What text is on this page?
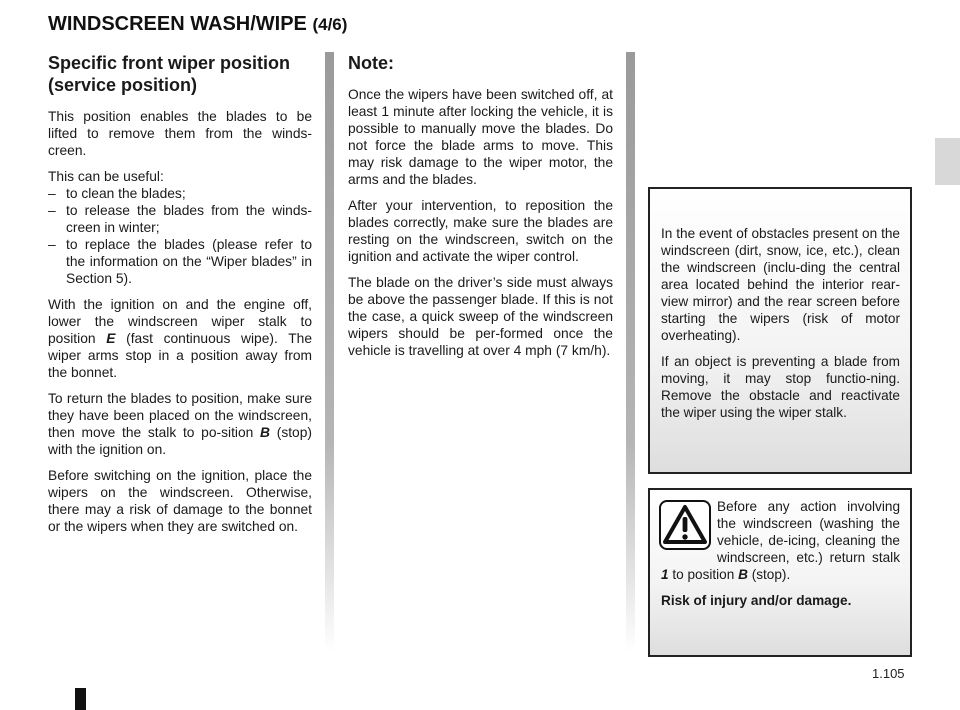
WINDSCREEN WASH/WIPE (4/6)
Specific front wiper position (service position)

This position enables the blades to be lifted to remove them from the winds-creen.

This can be useful:

– to clean the blades;
– to release the blades from the winds-creen in winter;
– to replace the blades (please refer to the information on the “Wiper blades” in Section 5).

With the ignition on and the engine off, lower the windscreen wiper stalk to position E (fast continuous wipe). The wiper arms stop in a position away from the bonnet.

To return the blades to position, make sure they have been placed on the windscreen, then move the stalk to po-sition B (stop) with the ignition on.

Before switching on the ignition, place the wipers on the windscreen. Otherwise, there may a risk of damage to the bonnet or the wipers when they are switched on.

Note:

Once the wipers have been switched off, at least 1 minute after locking the vehicle, it is possible to manually move the blades. Do not force the blade arms to move. This may risk damage to the wiper motor, the arms and the blades.

After your intervention, to reposition the blades correctly, make sure the blades are resting on the windscreen, switch on the ignition and activate the wiper control.

The blade on the driver’s side must always be above the passenger blade. If this is not the case, a quick sweep of the windscreen wipers should be per-formed once the vehicle is travelling at over 4 mph (7 km/h).

In the event of obstacles present on the windscreen (dirt, snow, ice, etc.), clean the windscreen (inclu-ding the central area located behind the interior rear-view mirror) and the rear screen before starting the wipers (risk of motor overheating).

If an object is preventing a blade from moving, it may stop functio-ning. Remove the obstacle and reactivate the wiper using the wiper stalk.

Before any action involving the windscreen (washing the vehicle, de-icing, cleaning the windscreen, etc.) return stalk 1 to position B (stop).

Risk of injury and/or damage.

1.105
